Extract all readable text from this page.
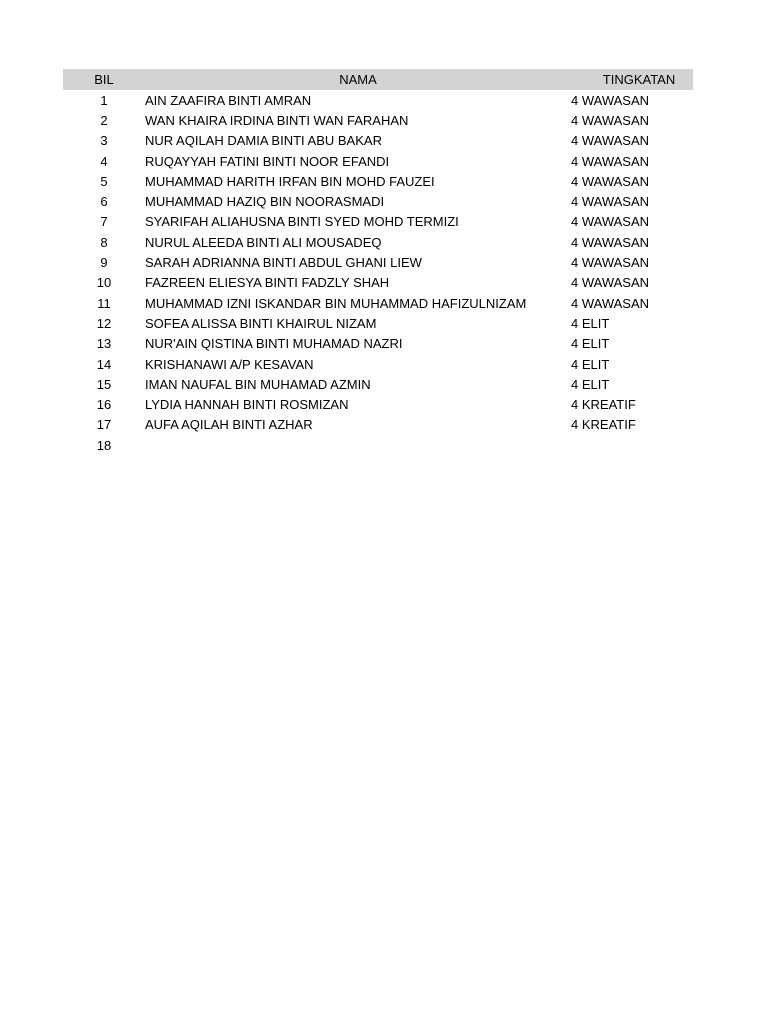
BIL	NAMA	TINGKATAN
1	AIN ZAAFIRA BINTI AMRAN	4 WAWASAN
2	WAN KHAIRA IRDINA BINTI WAN FARAHAN	4 WAWASAN
3	NUR AQILAH DAMIA BINTI ABU BAKAR	4 WAWASAN
4	RUQAYYAH FATINI BINTI NOOR EFANDI	4 WAWASAN
5	MUHAMMAD HARITH IRFAN BIN MOHD FAUZEI	4 WAWASAN
6	MUHAMMAD HAZIQ BIN NOORASMADI	4 WAWASAN
7	SYARIFAH ALIAHUSNA BINTI SYED MOHD TERMIZI	4 WAWASAN
8	NURUL ALEEDA BINTI ALI MOUSADEQ	4 WAWASAN
9	SARAH ADRIANNA BINTI ABDUL GHANI LIEW	4 WAWASAN
10	FAZREEN ELIESYA BINTI FADZLY SHAH	4 WAWASAN
11	MUHAMMAD IZNI ISKANDAR BIN MUHAMMAD HAFIZULNIZAM	4 WAWASAN
12	SOFEA ALISSA BINTI KHAIRUL NIZAM	4 ELIT
13	NUR'AIN QISTINA BINTI MUHAMAD NAZRI	4 ELIT
14	KRISHANAWI A/P KESAVAN	4 ELIT
15	IMAN NAUFAL BIN MUHAMAD AZMIN	4 ELIT
16	LYDIA HANNAH BINTI ROSMIZAN	4 KREATIF
17	AUFA AQILAH BINTI AZHAR	4 KREATIF
18
